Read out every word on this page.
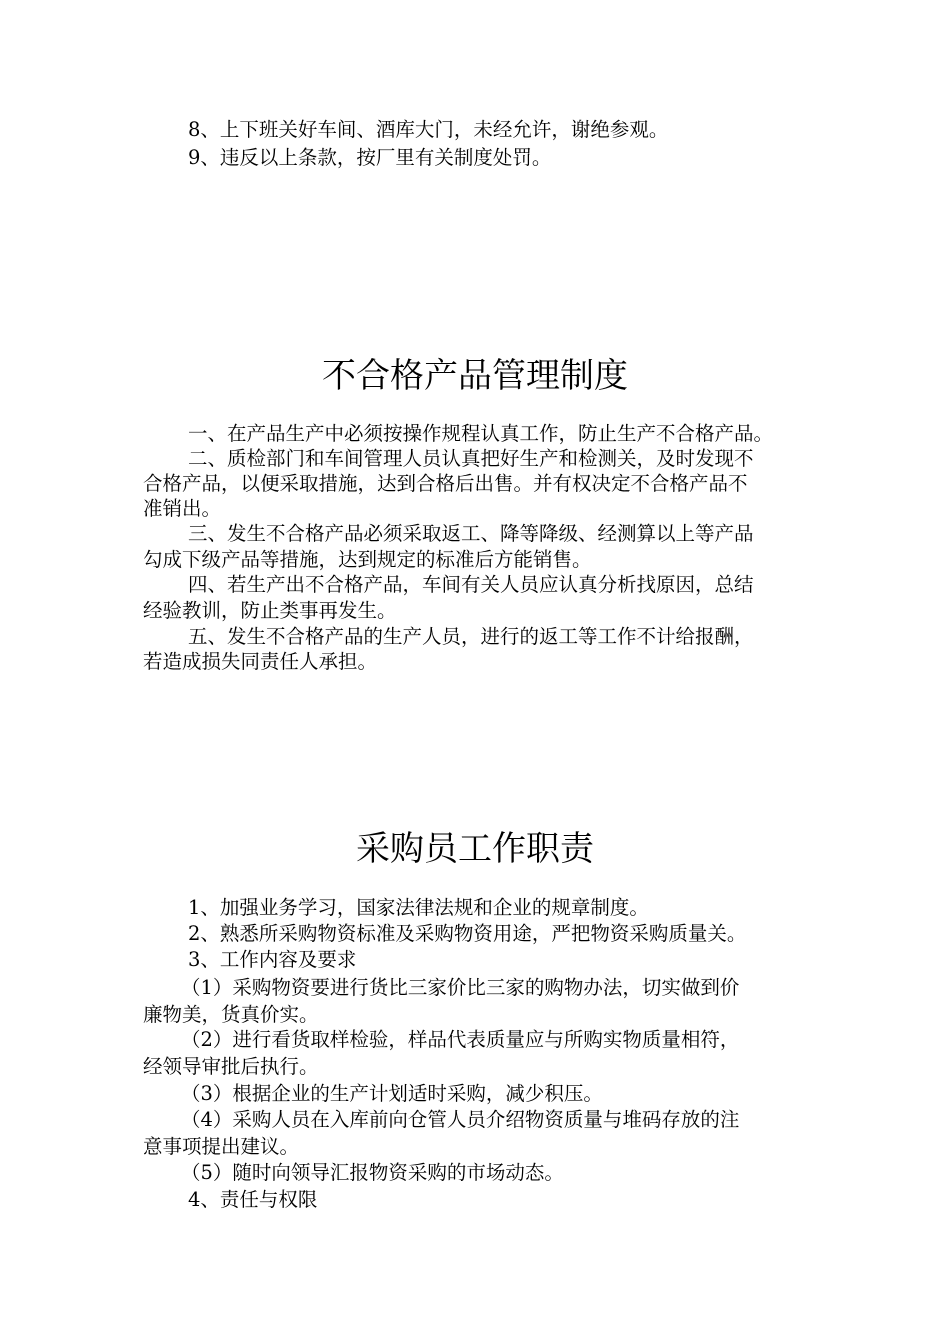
8、上下班关好车间、酒库大门，未经允许，谢绝参观。
9、违反以上条款，按厂里有关制度处罚。
不合格产品管理制度
一、在产品生产中必须按操作规程认真工作，防止生产不合格产品。
二、质检部门和车间管理人员认真把好生产和检测关，及时发现不
合格产品，以便采取措施，达到合格后出售。并有权决定不合格产品不
准销出。
三、发生不合格产品必须采取返工、降等降级、经测算以上等产品
勾成下级产品等措施，达到规定的标准后方能销售。
四、若生产出不合格产品，车间有关人员应认真分析找原因，总结
经验教训，防止类事再发生。
五、发生不合格产品的生产人员，进行的返工等工作不计给报酬，
若造成损失同责任人承担。
采购员工作职责
1、加强业务学习，国家法律法规和企业的规章制度。
2、熟悉所采购物资标准及采购物资用途，严把物资采购质量关。
3、工作内容及要求
（1）采购物资要进行货比三家价比三家的购物办法，切实做到价
廉物美，货真价实。
（2）进行看货取样检验，样品代表质量应与所购实物质量相符，
经领导审批后执行。
（3）根据企业的生产计划适时采购，减少积压。
（4）采购人员在入库前向仓管人员介绍物资质量与堆码存放的注
意事项提出建议。
（5）随时向领导汇报物资采购的市场动态。
4、责任与权限
